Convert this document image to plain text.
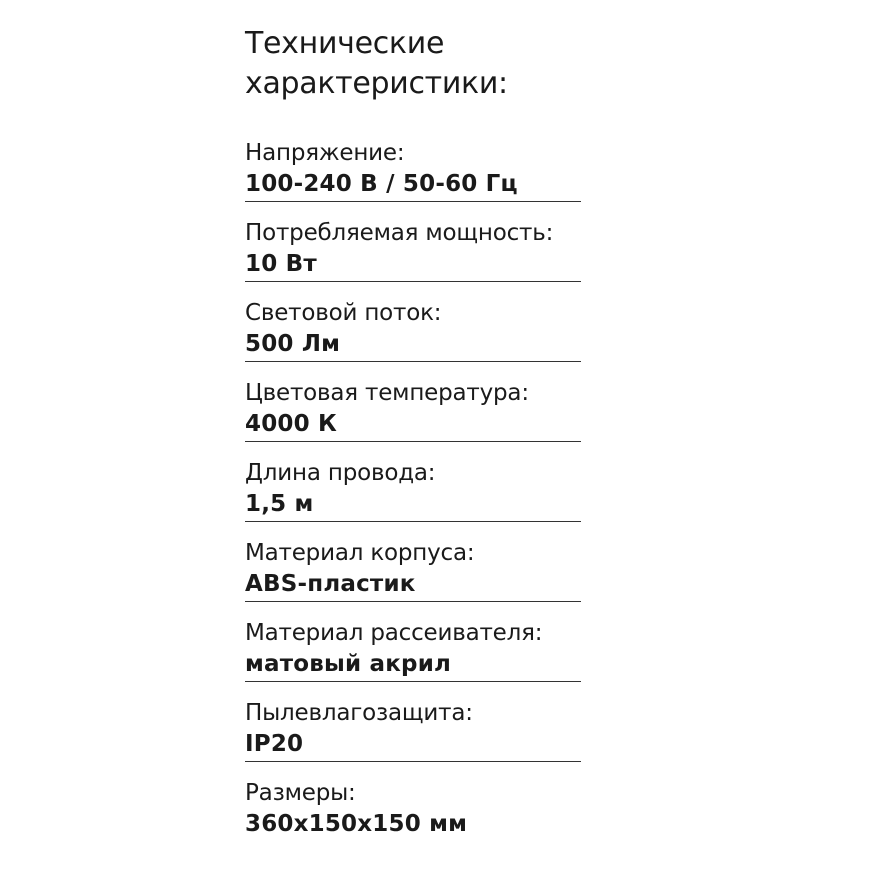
Технические
характеристики:
Напряжение:
100-240 В / 50-60 Гц
Потребляемая мощность:
10 Вт
Световой поток:
500 Лм
Цветовая температура:
4000 К
Длина провода:
1,5 м
Материал корпуса:
ABS-пластик
Материал рассеивателя:
матовый акрил
Пылевлагозащита:
IP20
Размеры:
360х150х150 мм
